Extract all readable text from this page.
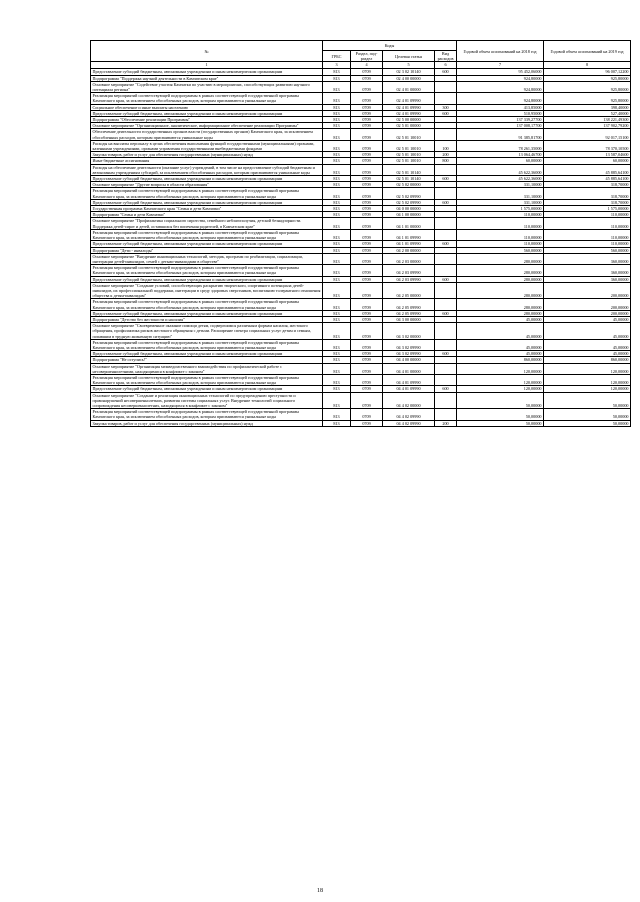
№	Коды				Годовой объем ассигнований на 2018 год	Годовой объем ассигнований на 2019 год
	ГРБС	Раздел, под-раздел	Целевая статья	Вид расходов		
1	3	4	5	6	7	8
Предоставление субсидий бюджетным, автономным учреждениям и иным некоммерческим организациям	813	0709	02 3 02 10140	600	95 452,06000	96 007,12200
Подпрограмма "Поддержка научной деятельности в Камчатском крае"	813	0709	02 4 00 00000		924,80000	925,80000
Основное мероприятие "Содействие участия Камчатки по участию в мероприятиях, способствующих развитию научного потенциала региона"	813	0709	02 4 01 00000		924,80000	925,80000
Реализация мероприятий соответствующей подпрограммы в рамках соответствующей государственной программы Камчатского края, за исключением обособленных расходов, которым присваиваются уникальные коды	813	0709	02 4 01 09990		924,80000	925,80000
Социальное обеспечение и иные выплаты населению	813	0709	02 4 01 09990	300	413,85000	398,40000
Предоставление субсидий бюджетным, автономным учреждениям и иным некоммерческим организациям	813	0709	02 4 01 09990	600	510,95000	527,40000
Подпрограмма "Обеспечение реализации Программы"	813	0709	02 5 00 00000		137 339,27700	138 221,49300
Основное мероприятие "Организационное, аналитическое, информационное обеспечение реализации Программы"	813	0709	02 5 01 00000		137 008,17700	137 902,79200
Обеспечение деятельности государственных органов власти (государственных органов) Камчатского края, за исключением обособленных расходов, которым присваиваются уникальные коды	813	0709	02 5 01 10010		91 385,81700	92 017,15100
Расходы на выплаты персоналу в целях обеспечения выполнения функций государственными (муниципальными) органами, казенными учреждениями, органами управления государственными внебюджетными фондами	813	0709	02 5 01 10010	100	78 261,35000	78 370,10500
Закупка товаров, работ и услуг для обеспечения государственных (муниципальных) нужд	813	0709	02 5 01 10010	200	13 064,46700	13 587,04600
Иные бюджетные ассигнования	813	0709	02 5 01 10010	800	60,00000	60,00000
Расходы на обеспечение деятельности (оказание услуг) учреждений, в том числе на предоставление субсидий бюджетным и автономным учреждениям субсидий, за исключением обособленных расходов, которым присваиваются уникальные коды	813	0709	02 5 01 10140		45 622,36000	45 885,64100
Предоставление субсидий бюджетным, автономным учреждениям и иным некоммерческим организациям	813	0709	02 5 01 10140	600	45 622,36000	45 885,64100
Основное мероприятие "Другие вопросы в области образования"	813	0709	02 5 02 00000		331,10000	318,70000
Реализация мероприятий соответствующей подпрограммы в рамках соответствующей государственной программы Камчатского края, за исключением обособленных расходов, которым присваиваются уникальные коды	813	0709	02 5 02 09990		331,10000	318,70000
Предоставление субсидий бюджетным, автономным учреждениям и иным некоммерческим организациям	813	0709	02 5 02 09990	600	331,10000	318,70000
Государственная программа Камчатского края "Семья и дети Камчатки"	813	0709	04 0 00 00000		1 575,00000	1 575,00000
Подпрограмма "Семья и дети Камчатки"	813	0709	04 1 00 00000		110,00000	110,00000
Основное мероприятие "Профилактика социального сиротства, семейного неблагополучия, детской безнадзорности. Поддержка детей-сирот и детей, оставшихся без попечения родителей, в Камчатском крае"	813	0709	04 1 01 00000		110,00000	110,00000
Реализация мероприятий соответствующей подпрограммы в рамках соответствующей государственной программы Камчатского края, за исключением обособленных расходов, которым присваиваются уникальные коды	813	0709	04 1 01 09990		110,00000	110,00000
Предоставление субсидий бюджетным, автономным учреждениям и иным некоммерческим организациям	813	0709	04 1 01 09990	600	110,00000	110,00000
Подпрограмма "Дети - инвалиды"	813	0709	04 2 00 00000		560,00000	560,00000
Основное мероприятие "Внедрение инновационных технологий, методик, программ по реабилитации, социализации, интеграции детей-инвалидов, семей с детьми-инвалидами в обществе"	813	0709	04 2 03 00000		280,00000	360,00000
Реализация мероприятий соответствующей подпрограммы в рамках соответствующей государственной программы Камчатского края, за исключением обособленных расходов, которым присваиваются уникальные коды	813	0709	04 2 03 09990		280,00000	360,00000
Предоставление субсидий бюджетным, автономным учреждениям и иным некоммерческим организациям	813	0709	04 2 03 09990	600	280,00000	360,00000
Основное мероприятие "Создание условий, способствующих раскрытию творческого, спортивного потенциала детей-инвалидов, их профессиональной поддержки, интеграции в среду здоровых сверстников, воспитанию толерантного отношения общества к детям-инвалидам"	813	0709	04 2 05 00000		280,00000	200,00000
Реализация мероприятий соответствующей подпрограммы в рамках соответствующей государственной программы Камчатского края, за исключением обособленных расходов, которым присваиваются уникальные коды	813	0709	04 2 05 09990		280,00000	200,00000
Предоставление субсидий бюджетным, автономным учреждениям и иным некоммерческим организациям	813	0709	04 2 05 09990	600	280,00000	200,00000
Подпрограмма "Детство без жестокости и насилия"	813	0709	04 3 00 00000		45,00000	45,00000
Основное мероприятие "Своевременное оказание помощи детям, подвергшимся различным формам насилия, жестокого обращения, профилактика рисков жестокого обращения с детьми. Расширение спектра социальных услуг детям и семьям, попавшим в трудную жизненную ситуацию"	813	0709	04 3 02 00000		45,00000	45,00000
Реализация мероприятий соответствующей подпрограммы в рамках соответствующей государственной программы Камчатского края, за исключением обособленных расходов, которым присваиваются уникальные коды	813	0709	04 3 02 09990		45,00000	45,00000
Предоставление субсидий бюджетным, автономным учреждениям и иным некоммерческим организациям	813	0709	04 3 02 09990	600	45,00000	45,00000
Подпрограмма "Не оступись!"	813	0709	04 4 00 00000		860,00000	860,00000
Основное мероприятие "Организация межведомственного взаимодействия по профилактической работе с несовершеннолетними, находящимися в конфликте с законом"	813	0709	04 4 01 00000		120,00000	120,00000
Реализация мероприятий соответствующей подпрограммы в рамках соответствующей государственной программы Камчатского края, за исключением обособленных расходов, которым присваиваются уникальные коды	813	0709	04 4 01 09990		120,00000	120,00000
Предоставление субсидий бюджетным, автономным учреждениям и иным некоммерческим организациям	813	0709	04 4 01 09990	600	120,00000	120,00000
Основное мероприятие "Создание и реализация инновационных технологий по предупреждению преступности и правонарушений несовершеннолетних, развития системы социальных услуг. Внедрение технологий социального сопровождения несовершеннолетних, находящихся в конфликте с законом"	813	0709	04 4 02 00000		50,00000	50,00000
Реализация мероприятий соответствующей подпрограммы в рамках соответствующей государственной программы Камчатского края, за исключением обособленных расходов, которым присваиваются уникальные коды	813	0709	04 4 02 09990		50,00000	50,00000
Закупка товаров, работ и услуг для обеспечения государственных (муниципальных) нужд	813	0709	04 4 02 09990	200	50,00000	50,00000
18
